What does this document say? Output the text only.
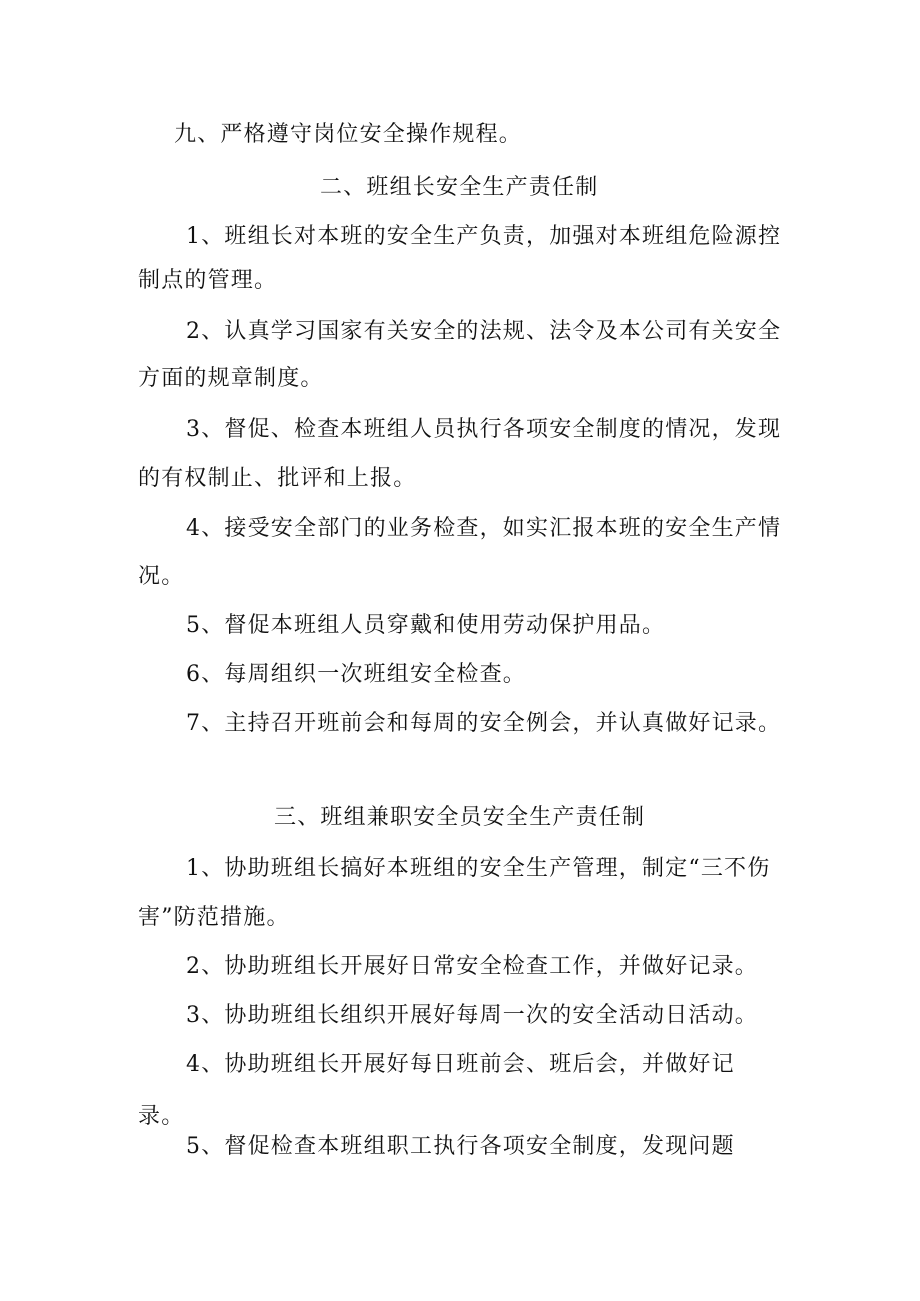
九、严格遵守岗位安全操作规程。
二、班组长安全生产责任制
1、班组长对本班的安全生产负责，加强对本班组危险源控
制点的管理。
2、认真学习国家有关安全的法规、法令及本公司有关安全
方面的规章制度。
3、督促、检查本班组人员执行各项安全制度的情况，发现
的有权制止、批评和上报。
4、接受安全部门的业务检查，如实汇报本班的安全生产情
况。
5、督促本班组人员穿戴和使用劳动保护用品。
6、每周组织一次班组安全检查。
7、主持召开班前会和每周的安全例会，并认真做好记录。
三、班组兼职安全员安全生产责任制
1、协助班组长搞好本班组的安全生产管理，制定“三不伤
害”防范措施。
2、协助班组长开展好日常安全检查工作，并做好记录。
3、协助班组长组织开展好每周一次的安全活动日活动。
4、协助班组长开展好每日班前会、班后会，并做好记
录。
5、督促检查本班组职工执行各项安全制度，发现问题
